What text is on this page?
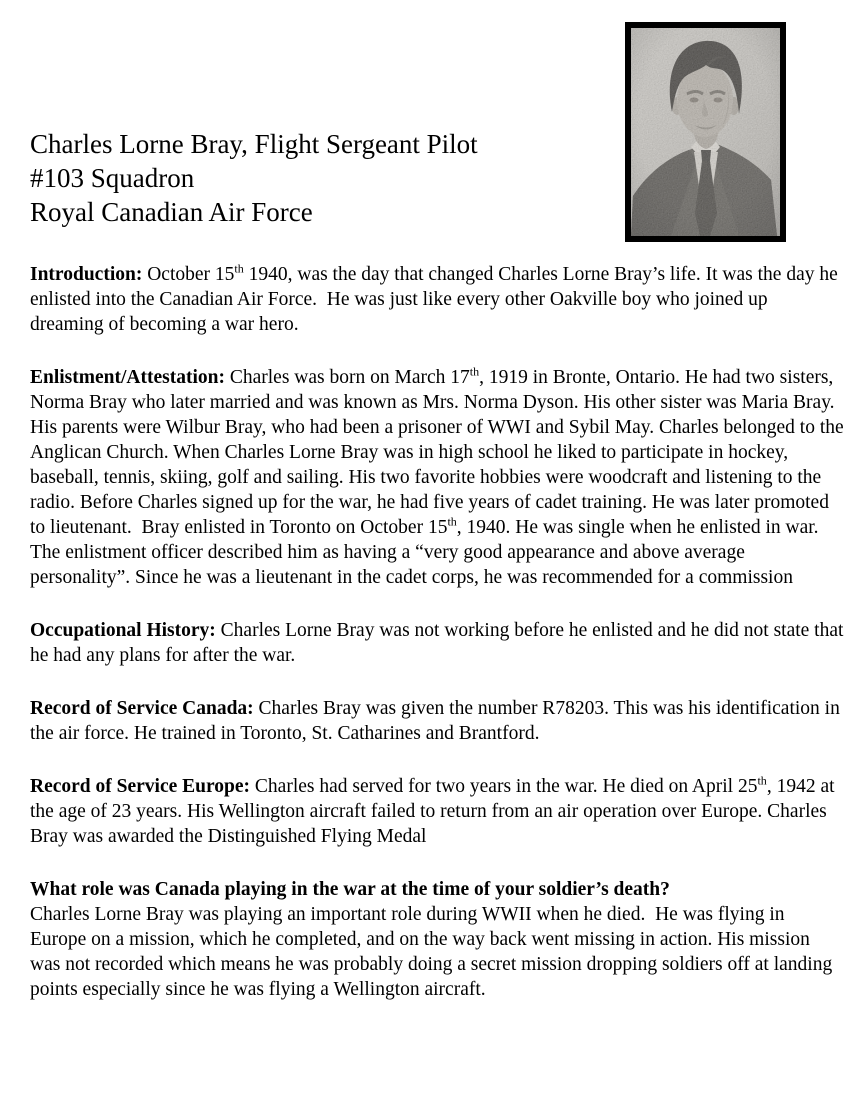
Charles Lorne Bray, Flight Sergeant Pilot
#103 Squadron
Royal Canadian Air Force

Introduction: October 15th 1940, was the day that changed Charles Lorne Bray’s life. It was the day he enlisted into the Canadian Air Force.  He was just like every other Oakville boy who joined up dreaming of becoming a war hero.

Enlistment/Attestation: Charles was born on March 17th, 1919 in Bronte, Ontario. He had two sisters, Norma Bray who later married and was known as Mrs. Norma Dyson. His other sister was Maria Bray. His parents were Wilbur Bray, who had been a prisoner of WWI and Sybil May. Charles belonged to the Anglican Church. When Charles Lorne Bray was in high school he liked to participate in hockey, baseball, tennis, skiing, golf and sailing. His two favorite hobbies were woodcraft and listening to the radio. Before Charles signed up for the war, he had five years of cadet training. He was later promoted to lieutenant.  Bray enlisted in Toronto on October 15th, 1940. He was single when he enlisted in war. The enlistment officer described him as having a “very good appearance and above average personality”. Since he was a lieutenant in the cadet corps, he was recommended for a commission

Occupational History: Charles Lorne Bray was not working before he enlisted and he did not state that he had any plans for after the war.

Record of Service Canada: Charles Bray was given the number R78203. This was his identification in the air force. He trained in Toronto, St. Catharines and Brantford.

Record of Service Europe: Charles had served for two years in the war. He died on April 25th, 1942 at the age of 23 years. His Wellington aircraft failed to return from an air operation over Europe. Charles Bray was awarded the Distinguished Flying Medal

What role was Canada playing in the war at the time of your soldier’s death?
Charles Lorne Bray was playing an important role during WWII when he died.  He was flying in Europe on a mission, which he completed, and on the way back went missing in action. His mission was not recorded which means he was probably doing a secret mission dropping soldiers off at landing points especially since he was flying a Wellington aircraft.
